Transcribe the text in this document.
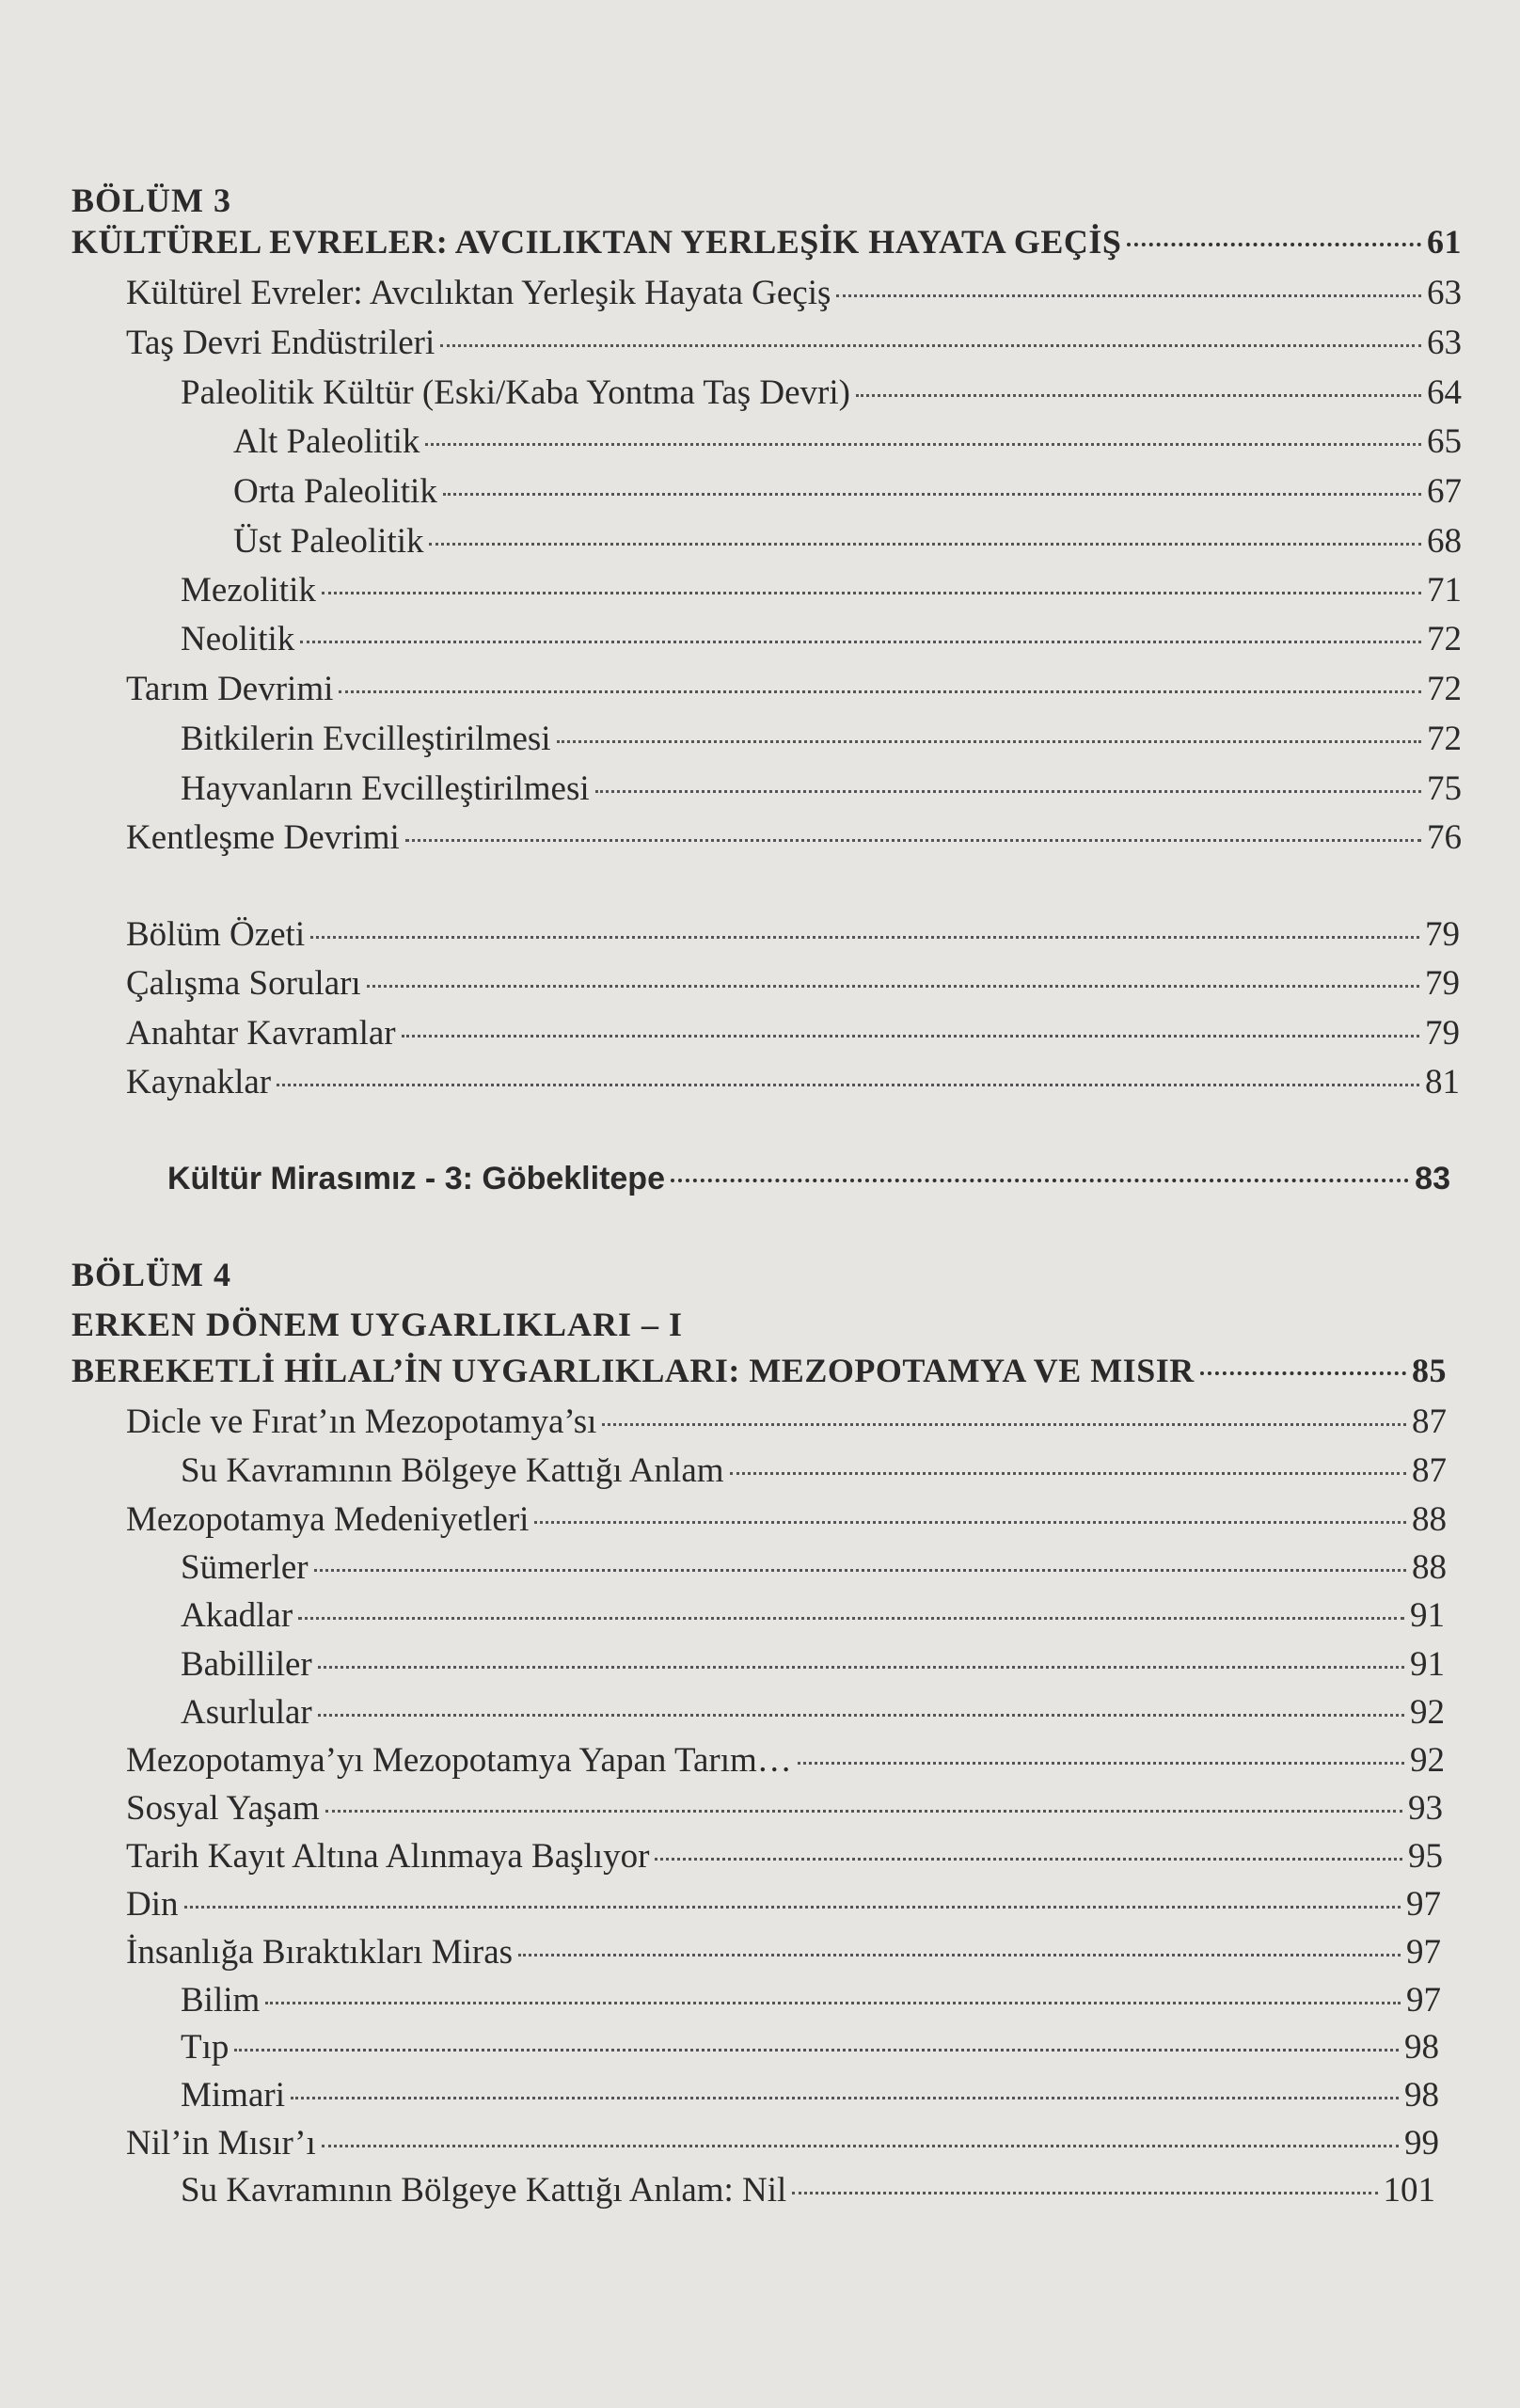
BÖLÜM 3
KÜLTÜREL EVRELER: AVCILIKTAN YERLEŞİK HAYATA GEÇİŞ	61
Kültürel Evreler: Avcılıktan Yerleşik Hayata Geçiş	63
Taş Devri Endüstrileri	63
Paleolitik Kültür (Eski/Kaba Yontma Taş Devri)	64
Alt Paleolitik	65
Orta Paleolitik	67
Üst Paleolitik	68
Mezolitik	71
Neolitik	72
Tarım Devrimi	72
Bitkilerin Evcilleştirilmesi	72
Hayvanların Evcilleştirilmesi	75
Kentleşme Devrimi	76
Bölüm Özeti	79
Çalışma Soruları	79
Anahtar Kavramlar	79
Kaynaklar	81
Kültür Mirasımız - 3: Göbeklitepe	83
BÖLÜM 4
ERKEN DÖNEM UYGARLIKLARI – I
BEREKETLİ HİLAL’İN UYGARLIKLARI: MEZOPOTAMYA VE MISIR	85
Dicle ve Fırat’ın Mezopotamya’sı	87
Su Kavramının Bölgeye Kattığı Anlam	87
Mezopotamya Medeniyetleri	88
Sümerler	88
Akadlar	91
Babilliler	91
Asurlular	92
Mezopotamya’yı Mezopotamya Yapan Tarım…	92
Sosyal Yaşam	93
Tarih Kayıt Altına Alınmaya Başlıyor	95
Din	97
İnsanlığa Bıraktıkları Miras	97
Bilim	97
Tıp	98
Mimari	98
Nil’in Mısır’ı	99
Su Kavramının Bölgeye Kattığı Anlam: Nil	101
